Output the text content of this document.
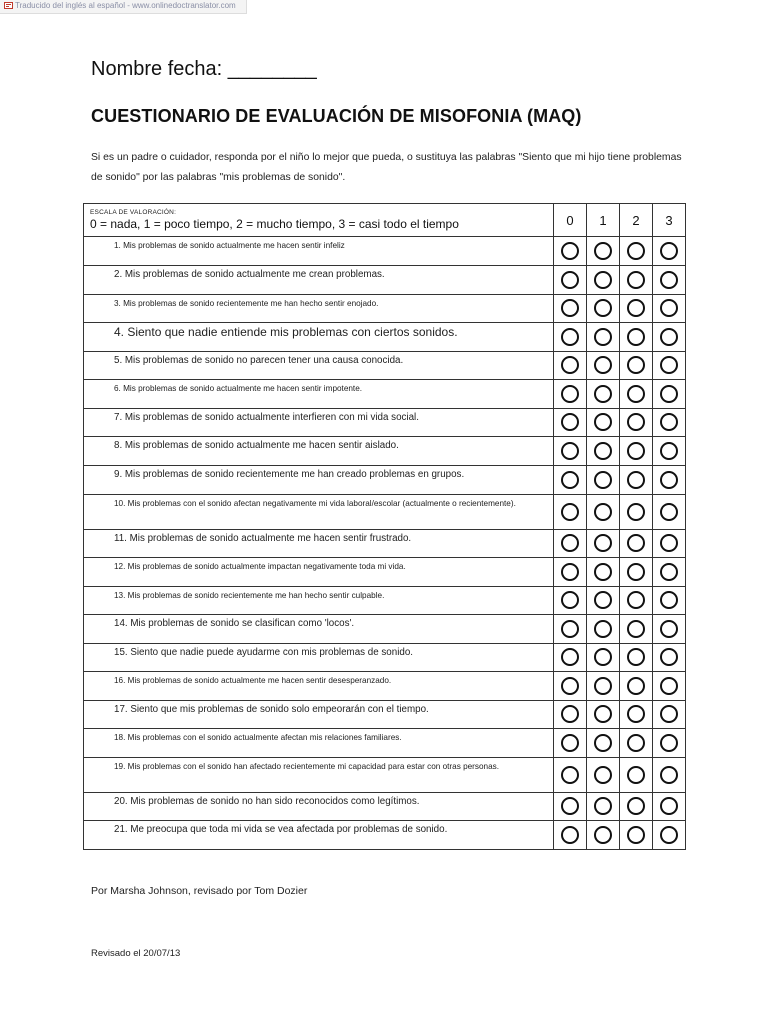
Traducido del inglés al español - www.onlinedoctranslator.com
Nombre fecha: ________
CUESTIONARIO DE EVALUACIÓN DE MISOFONIA (MAQ)
Si es un padre o cuidador, responda por el niño lo mejor que pueda, o sustituya las palabras "Siento que mi hijo tiene problemas de sonido" por las palabras "mis problemas de sonido".
ESCALA DE VALORACIÓN:
0 = nada, 1 = poco tiempo, 2 = mucho tiempo, 3 = casi todo el tiempo	0	1	2	3
1. Mis problemas de sonido actualmente me hacen sentir infeliz				
2. Mis problemas de sonido actualmente me crean problemas.				
3. Mis problemas de sonido recientemente me han hecho sentir enojado.				
4. Siento que nadie entiende mis problemas con ciertos sonidos.				
5. Mis problemas de sonido no parecen tener una causa conocida.				
6. Mis problemas de sonido actualmente me hacen sentir impotente.				
7. Mis problemas de sonido actualmente interfieren con mi vida social.				
8. Mis problemas de sonido actualmente me hacen sentir aislado.				
9. Mis problemas de sonido recientemente me han creado problemas en grupos.				
10. Mis problemas con el sonido afectan negativamente mi vida laboral/escolar (actualmente o recientemente).				
11. Mis problemas de sonido actualmente me hacen sentir frustrado.				
12. Mis problemas de sonido actualmente impactan negativamente toda mi vida.				
13. Mis problemas de sonido recientemente me han hecho sentir culpable.				
14. Mis problemas de sonido se clasifican como 'locos'.				
15. Siento que nadie puede ayudarme con mis problemas de sonido.				
16. Mis problemas de sonido actualmente me hacen sentir desesperanzado.				
17. Siento que mis problemas de sonido solo empeorarán con el tiempo.				
18. Mis problemas con el sonido actualmente afectan mis relaciones familiares.				
19. Mis problemas con el sonido han afectado recientemente mi capacidad para estar con otras personas.				
20. Mis problemas de sonido no han sido reconocidos como legítimos.				
21. Me preocupa que toda mi vida se vea afectada por problemas de sonido.				
Por Marsha Johnson, revisado por Tom Dozier
Revisado el 20/07/13
